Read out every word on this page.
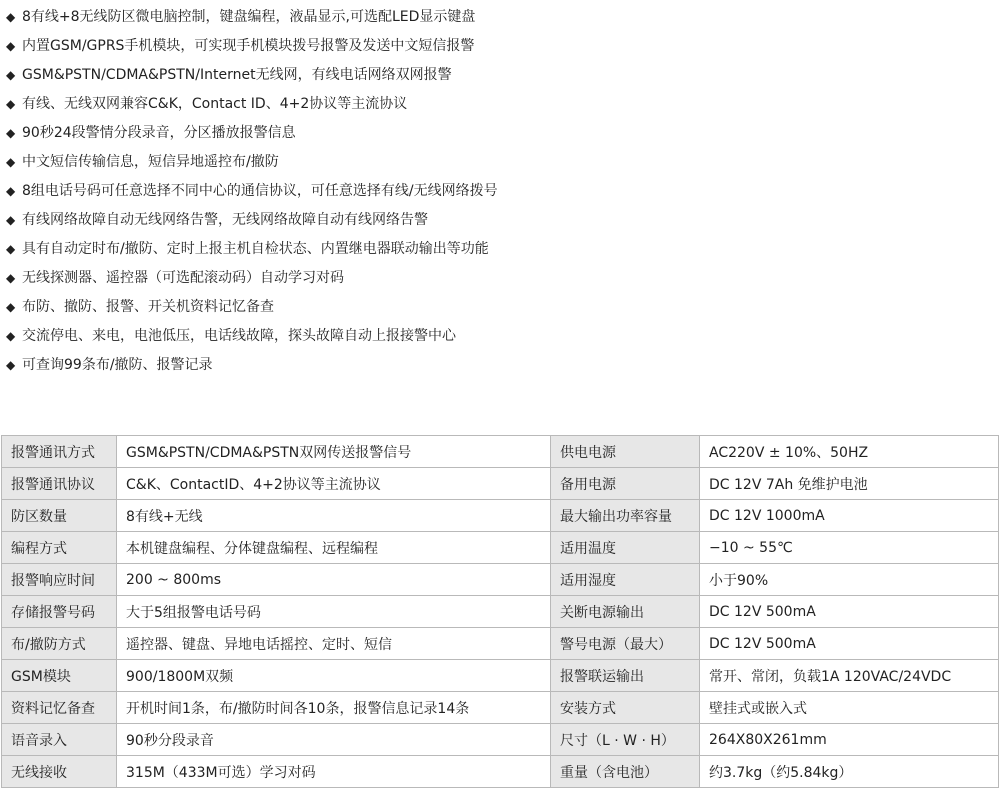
◆ 8有线+8无线防区微电脑控制，键盘编程，液晶显示,可选配LED显示键盘
◆ 内置GSM/GPRS手机模块，可实现手机模块拨号报警及发送中文短信报警
◆ GSM&PSTN/CDMA&PSTN/Internet无线网，有线电话网络双网报警
◆ 有线、无线双网兼容C&K，Contact ID、4+2协议等主流协议
◆ 90秒24段警情分段录音，分区播放报警信息
◆ 中文短信传输信息，短信异地遥控布/撤防
◆ 8组电话号码可任意选择不同中心的通信协议，可任意选择有线/无线网络拨号
◆ 有线网络故障自动无线网络告警，无线网络故障自动有线网络告警
◆ 具有自动定时布/撤防、定时上报主机自检状态、内置继电器联动输出等功能
◆ 无线探测器、遥控器（可选配滚动码）自动学习对码
◆ 布防、撤防、报警、开关机资料记忆备查
◆ 交流停电、来电，电池低压，电话线故障，探头故障自动上报接警中心
◆ 可查询99条布/撤防、报警记录
报警通讯方式	GSM&PSTN/CDMA&PSTN双网传送报警信号	供电电源	AC220V ± 10%、50HZ
报警通讯协议	C&K、ContactID、4+2协议等主流协议	备用电源	DC 12V 7Ah 免维护电池
防区数量	8有线+无线	最大输出功率容量	DC 12V 1000mA
编程方式	本机键盘编程、分体键盘编程、远程编程	适用温度	−10 ~ 55℃
报警响应时间	200 ~ 800ms	适用湿度	小于90%
存储报警号码	大于5组报警电话号码	关断电源输出	DC 12V 500mA
布/撤防方式	遥控器、键盘、异地电话摇控、定时、短信	警号电源（最大）	DC 12V 500mA
GSM模块	900/1800M双频	报警联运输出	常开、常闭，负载1A 120VAC/24VDC
资料记忆备查	开机时间1条，布/撤防时间各10条，报警信息记录14条	安装方式	壁挂式或嵌入式
语音录入	90秒分段录音	尺寸（L · W · H）	264X80X261mm
无线接收	315M（433M可选）学习对码	重量（含电池）	约3.7kg（约5.84kg）
